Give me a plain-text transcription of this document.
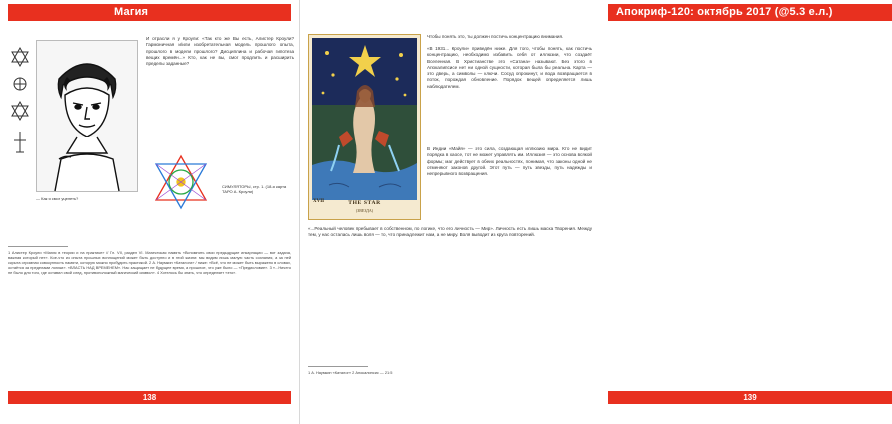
Магия
— Как я смог уцелеть?
И отрасли я у Кроули: «Так кто же Вы есть, Алистер Кроули? Гармоничная и/или изобретательная модель прошлого опыта, прошлого в модели прошлого? Дисциплина и рабочая гипотеза вещих времён...» Кто, как не вы, смог продлить и расширить пределы заданные?
СИМУЛЯТОРЫ, стр. 1. (18-я карта ТАРО А. Кроули)
1 Алистер Кроули «Магия в теории и на практике» // Гл. VII, раздел VI. Магическая память «Вспомнить свои предыдущие инкарнации — вот задача, важная который нет». Кое-что из опыта прошлых воплощений может быть доступно и в этой жизни: мы видим лишь малую часть сознания, а за ней скрыта огромная совокупность памяти, которую можно пробудить практикой. 2 А. Наумкин «Каталоги» / ниже: «Всё, что не может быть выражено в словах, остаётся за пределами логики». «ВЛАСТЬ НАД ВРЕМЕНЕМ». Нас защищает не будущее время, а прошлое, что уже было — «Предисловие». 3 «...Ничего не было для того, где оставил свой след, противоположный магический символ». 4 Хотелось бы знать, что определяет «это».
138
Апокриф-120: октябрь 2017 (@5.3 е.л.)
XVII	THE STAR
(ЗВЕЗДА)
Чтобы понять это, ты должен постичь концентрацию внимания.
«В 1931... Кроули» приведён ниже. Для того, чтобы понять, как постичь концентрацию, необходимо избавить себя от иллюзии, что создаёт Вселенная. В Христианстве это «Сатана» называют. Без этого в Апокалипсисе нет ни одной сущности, которая была бы реальна. Карта — это дверь, а символы — ключи. Сосуд опрокинут, и вода возвращается в поток, порождая обновление. Порядок вещей определяется лишь наблюдателем.
В Индии «Майя» — это сила, создающая иллюзию мира. Кто не видит порядка в хаосе, тот не может управлять им. Иллюзия — это основа всякой формы; маг действует в обеих реальностях, понимая, что законы одной не отменяют законов другой. Этот путь — путь звезды, путь надежды и непрерывного возвращения.
«...Реальный человек пребывает в собственном, по логике, что его личность — Мир». Личность есть лишь маска Творения. Между тем, у нас осталась лишь воля — то, что принадлежит нам, а не миру. Воля выводит из круга повторений.
1 А. Наумкин «Каталог» 2 Апокалипсис — 21:5
139
